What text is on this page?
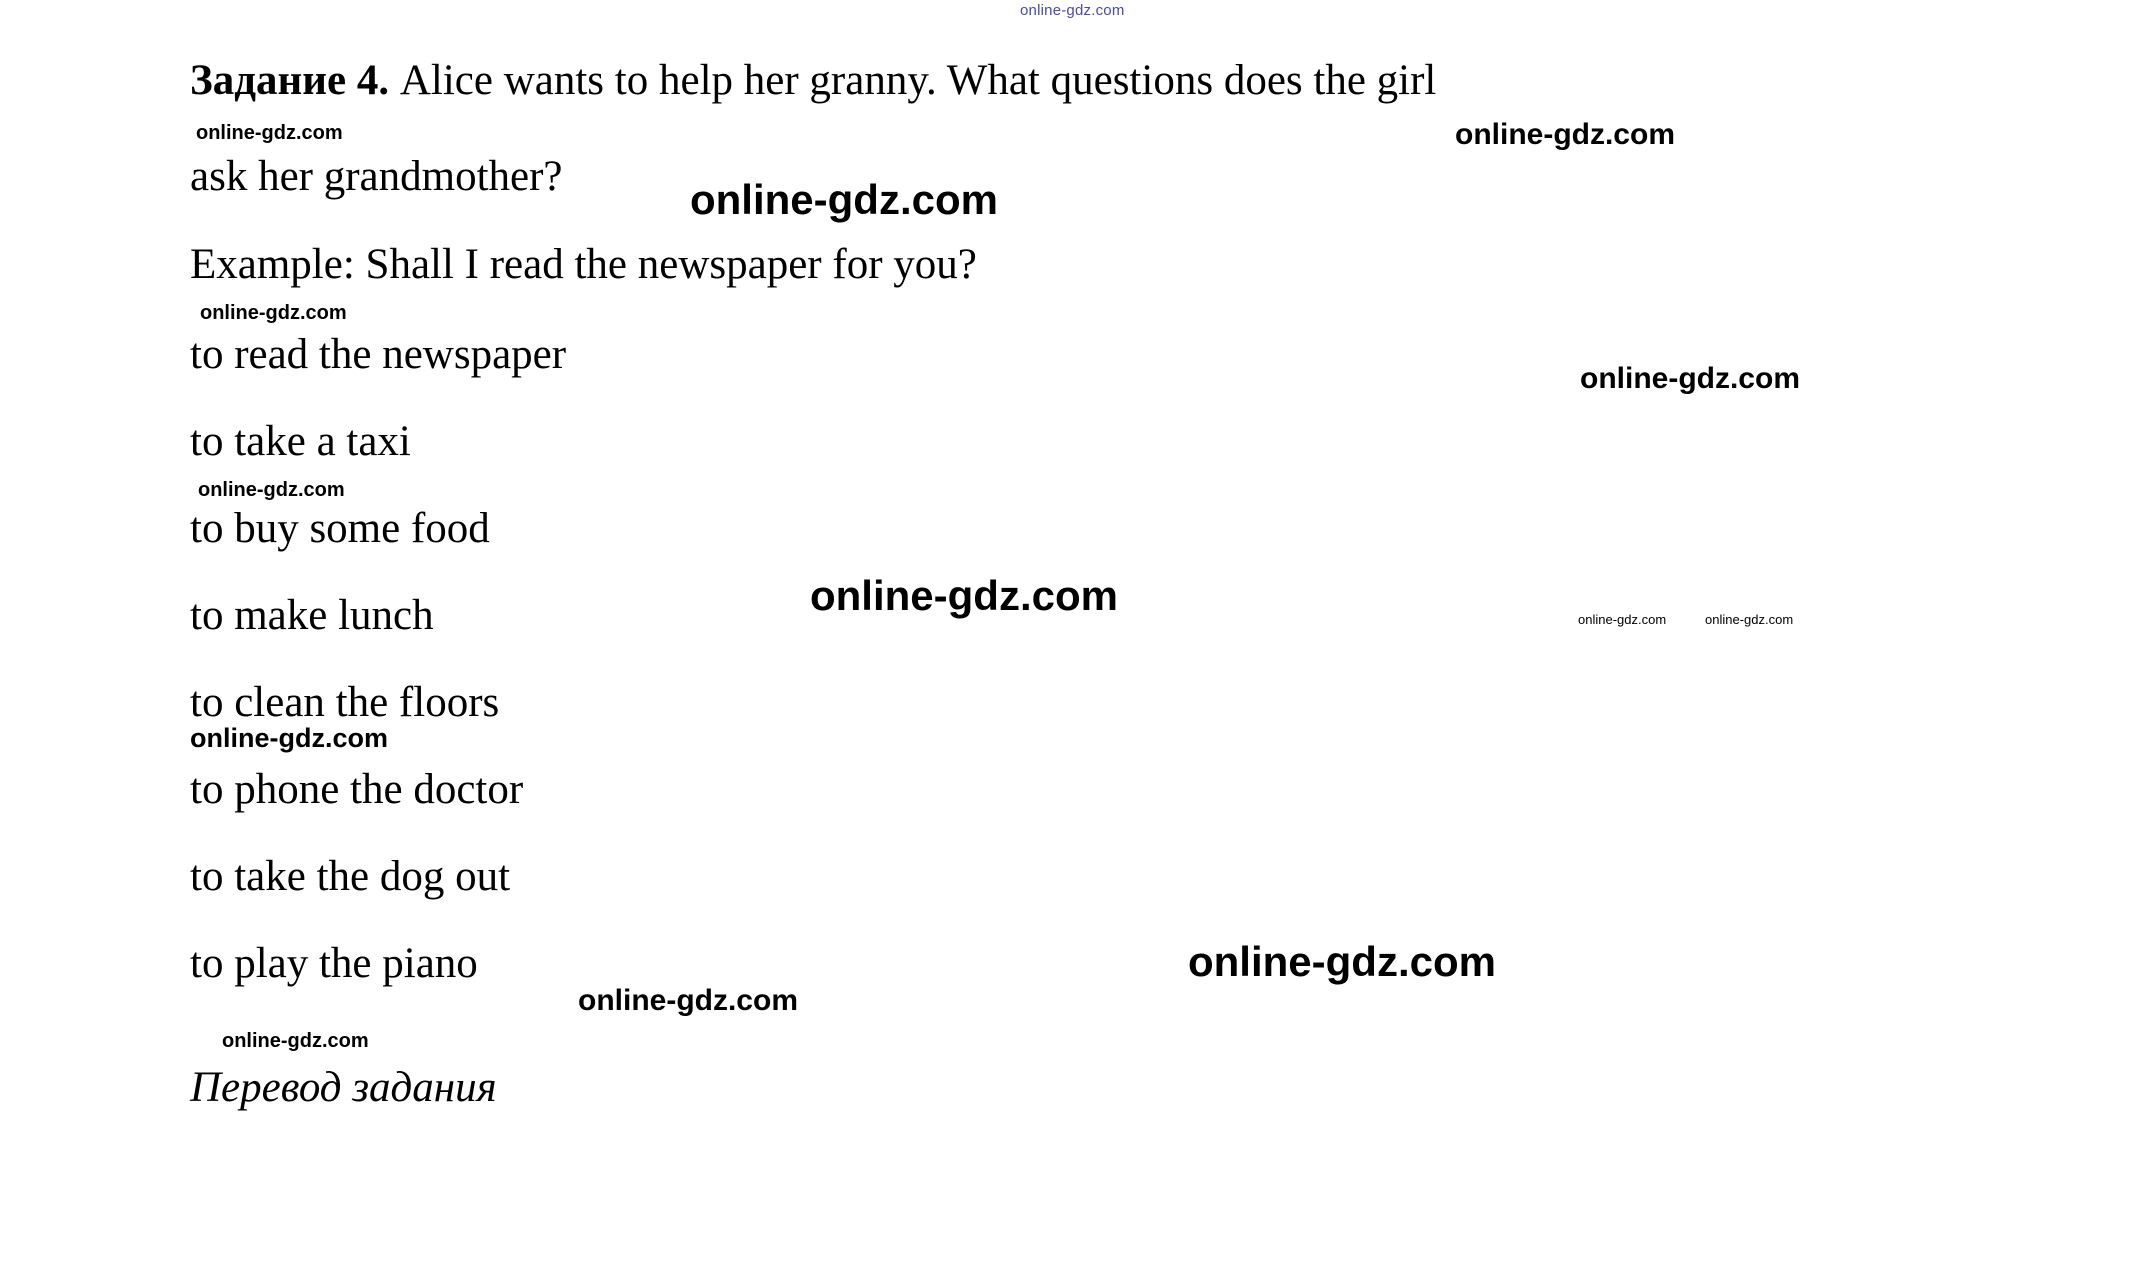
Задание 4. Alice wants to help her granny. What questions does the girl

ask her grandmother?

Example: Shall I read the newspaper for you?

to read the newspaper
to take a taxi
to buy some food
to make lunch
to clean the floors
to phone the doctor
to take the dog out
to play the piano

Перевод задания

online-gdz.com
online-gdz.com	online-gdz.com
online-gdz.com
online-gdz.com
online-gdz.com
online-gdz.com
online-gdz.com
online-gdz.com	online-gdz.com
online-gdz.com
online-gdz.com
online-gdz.com
online-gdz.com
